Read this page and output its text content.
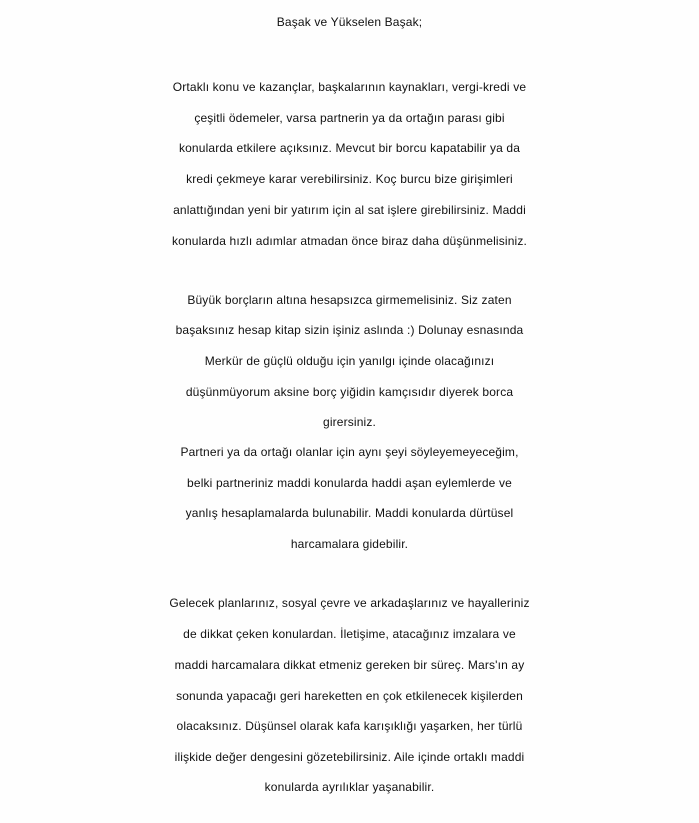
Başak ve Yükselen Başak;
Ortaklı konu ve kazançlar, başkalarının kaynakları, vergi-kredi ve
çeşitli ödemeler, varsa partnerin ya da ortağın parası gibi
konularda etkilere açıksınız. Mevcut bir borcu kapatabilir ya da
kredi çekmeye karar verebilirsiniz. Koç burcu bize girişimleri
anlattığından yeni bir yatırım için al sat işlere girebilirsiniz. Maddi
konularda hızlı adımlar atmadan önce biraz daha düşünmelisiniz.
Büyük borçların altına hesapsızca girmemelisiniz. Siz zaten
başaksınız hesap kitap sizin işiniz aslında :) Dolunay esnasında
Merkür de güçlü olduğu için yanılgı içinde olacağınızı
düşünmüyorum aksine borç yiğidin kamçısıdır diyerek borca
girersiniz.
Partneri ya da ortağı olanlar için aynı şeyi söyleyemeyeceğim,
belki partneriniz maddi konularda haddi aşan eylemlerde ve
yanlış hesaplamalarda bulunabilir. Maddi konularda dürtüsel
harcamalara gidebilir.
Gelecek planlarınız, sosyal çevre ve arkadaşlarınız ve hayalleriniz
de dikkat çeken konulardan. İletişime, atacağınız imzalara ve
maddi harcamalara dikkat etmeniz gereken bir süreç. Mars'ın ay
sonunda yapacağı geri hareketten en çok etkilenecek kişilerden
olacaksınız. Düşünsel olarak kafa karışıklığı yaşarken, her türlü
ilişkide değer dengesini gözetebilirsiniz. Aile içinde ortaklı maddi
konularda ayrılıklar yaşanabilir.
